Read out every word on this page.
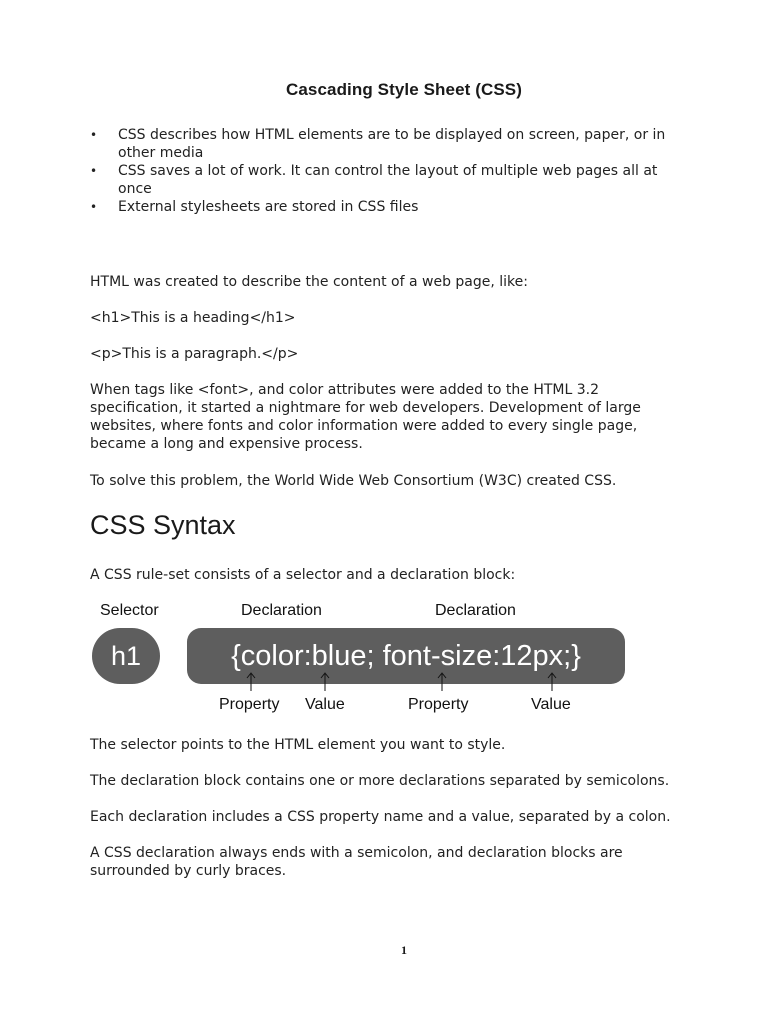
Cascading Style Sheet (CSS)
• CSS describes how HTML elements are to be displayed on screen, paper, or in
other media
• CSS saves a lot of work. It can control the layout of multiple web pages all at
once
• External stylesheets are stored in CSS files

HTML was created to describe the content of a web page, like:

<h1>This is a heading</h1>

<p>This is a paragraph.</p>

When tags like <font>, and color attributes were added to the HTML 3.2
specification, it started a nightmare for web developers. Development of large
websites, where fonts and color information were added to every single page,
became a long and expensive process.

To solve this problem, the World Wide Web Consortium (W3C) created CSS.

CSS Syntax

A CSS rule-set consists of a selector and a declaration block:

Selector	Declaration	Declaration
h1	{color:blue; font-size:12px;}
Property Value	Property	Value

The selector points to the HTML element you want to style.

The declaration block contains one or more declarations separated by semicolons.

Each declaration includes a CSS property name and a value, separated by a colon.

A CSS declaration always ends with a semicolon, and declaration blocks are
surrounded by curly braces.
1
